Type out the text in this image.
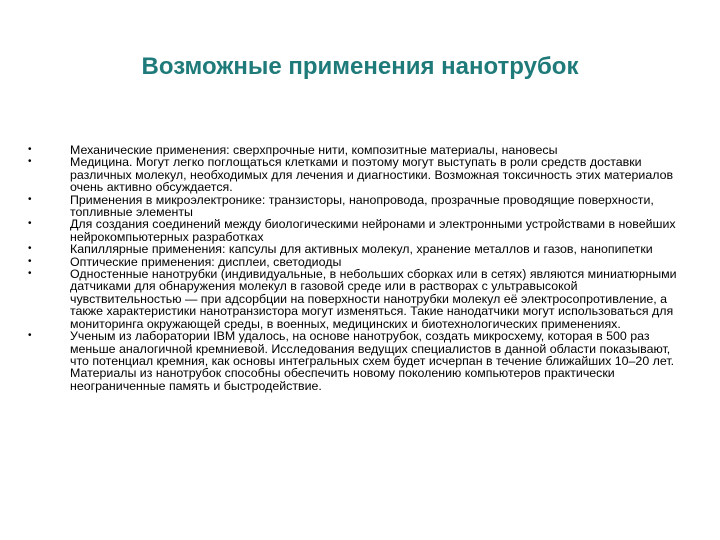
Возможные применения нанотрубок
•	Механические применения: сверхпрочные нити, композитные материалы, нановесы
•	Медицина. Могут легко поглощаться клетками и поэтому могут выступать в роли средств доставки различных молекул, необходимых для лечения и диагностики. Возможная токсичность этих материалов очень активно обсуждается.
•	Применения в микроэлектронике: транзисторы, нанопровода, прозрачные проводящие поверхности, топливные элементы
•	Для создания соединений между биологическими нейронами и электронными устройствами в новейших нейрокомпьютерных разработках
•	Капиллярные применения: капсулы для активных молекул, хранение металлов и газов, нанопипетки
•	Оптические применения: дисплеи, светодиоды
•	Одностенные нанотрубки (индивидуальные, в небольших сборках или в сетях) являются миниатюрными датчиками для обнаружения молекул в газовой среде или в растворах с ультравысокой чувствительностью — при адсорбции на поверхности нанотрубки молекул её электросопротивление, а также характеристики нанотранзистора могут изменяться. Такие нанодатчики могут использоваться для мониторинга окружающей среды, в военных, медицинских и биотехнологических применениях.
•	Ученым из лаборатории IBM удалось, на основе нанотрубок, создать микросхему, которая в 500 раз меньше аналогичной кремниевой. Исследования ведущих специалистов в данной области показывают, что потенциал кремния, как основы интегральных схем будет исчерпан в течение ближайших 10–20 лет. Материалы из нанотрубок способны обеспечить новому поколению компьютеров практически неограниченные память и быстродействие.
